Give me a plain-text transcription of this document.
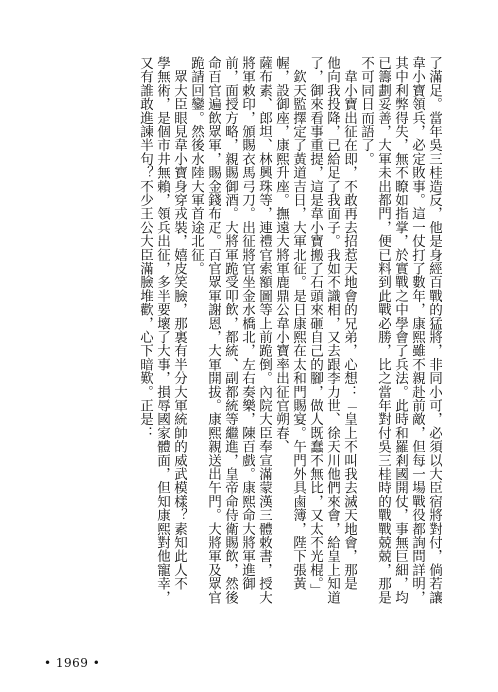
了滿足。當年吳三桂造反，他是身經百戰的猛將，非同小可，必須以大臣宿將對付，倘若讓
韋小寶領兵，必定敗事。這一仗打了數年，康熙雖不親赴前敵，但每一場戰役都詢問詳明，
其中利弊得失，無不瞭如指掌，於實戰之中學會了兵法。此時和羅剎國開仗，事無巨細，均
已籌劃妥善，大軍未出都門，便已料到此戰必勝，比之當年對付吳三桂時的戰戰兢兢，那是
不可同日而語了。
　韋小寶出征在即，不敢再去招惹天地會的兄弟，心想：「皇上不叫我去滅天地會，那是
他向我投降，已給足了我面子。我如不識相，又去跟李力世、徐天川他們來會，給皇上知道
了，御來看事重提，這是韋小寶搬了石頭來砸自己的腳，做人既蠢不無比，又太不光棍。」
　欽天監擇定了黃道吉日，大軍北征。是日康熙在太和門賜宴。午門外具鹵簿，陛下張黃
幄，設御座，康熙升座。撫遠大將軍鹿鼎公韋小寶率出征官朔春、
薩布素、郎坦、林興珠等，連禮官索額圖等上前跪倒。內院大臣奉宣滿蒙漢三體敕書，授大
將軍敕印，頒賜衣馬弓刀。出征將官坐金水橋北，左右奏樂，陳百戲。康熙命大將軍進御
前，面授方略，親賜御酒。大將軍跪受叩飲，都統、副都統等繼進，皇帝命侍衛賜飲，然後
命百官遍飲眾軍，賜金錢布疋。百官眾軍謝恩，大軍開拔。康熙親送出午門。大將軍及眾官
跪請回鑾。然後水陸大軍首途北征。
　眾大臣眼見韋小寶身穿戎裝，嬉皮笑臉，那裏有半分大軍統帥的威武模樣？素知此人不
學無術，是個市井無賴，領兵出征，多半要壞了大事，損辱國家體面，但知康熙對他寵幸，
又有誰敢進諫半句？不少王公大臣滿臉堆歡，心下暗歎。正是：
• 1969 •
